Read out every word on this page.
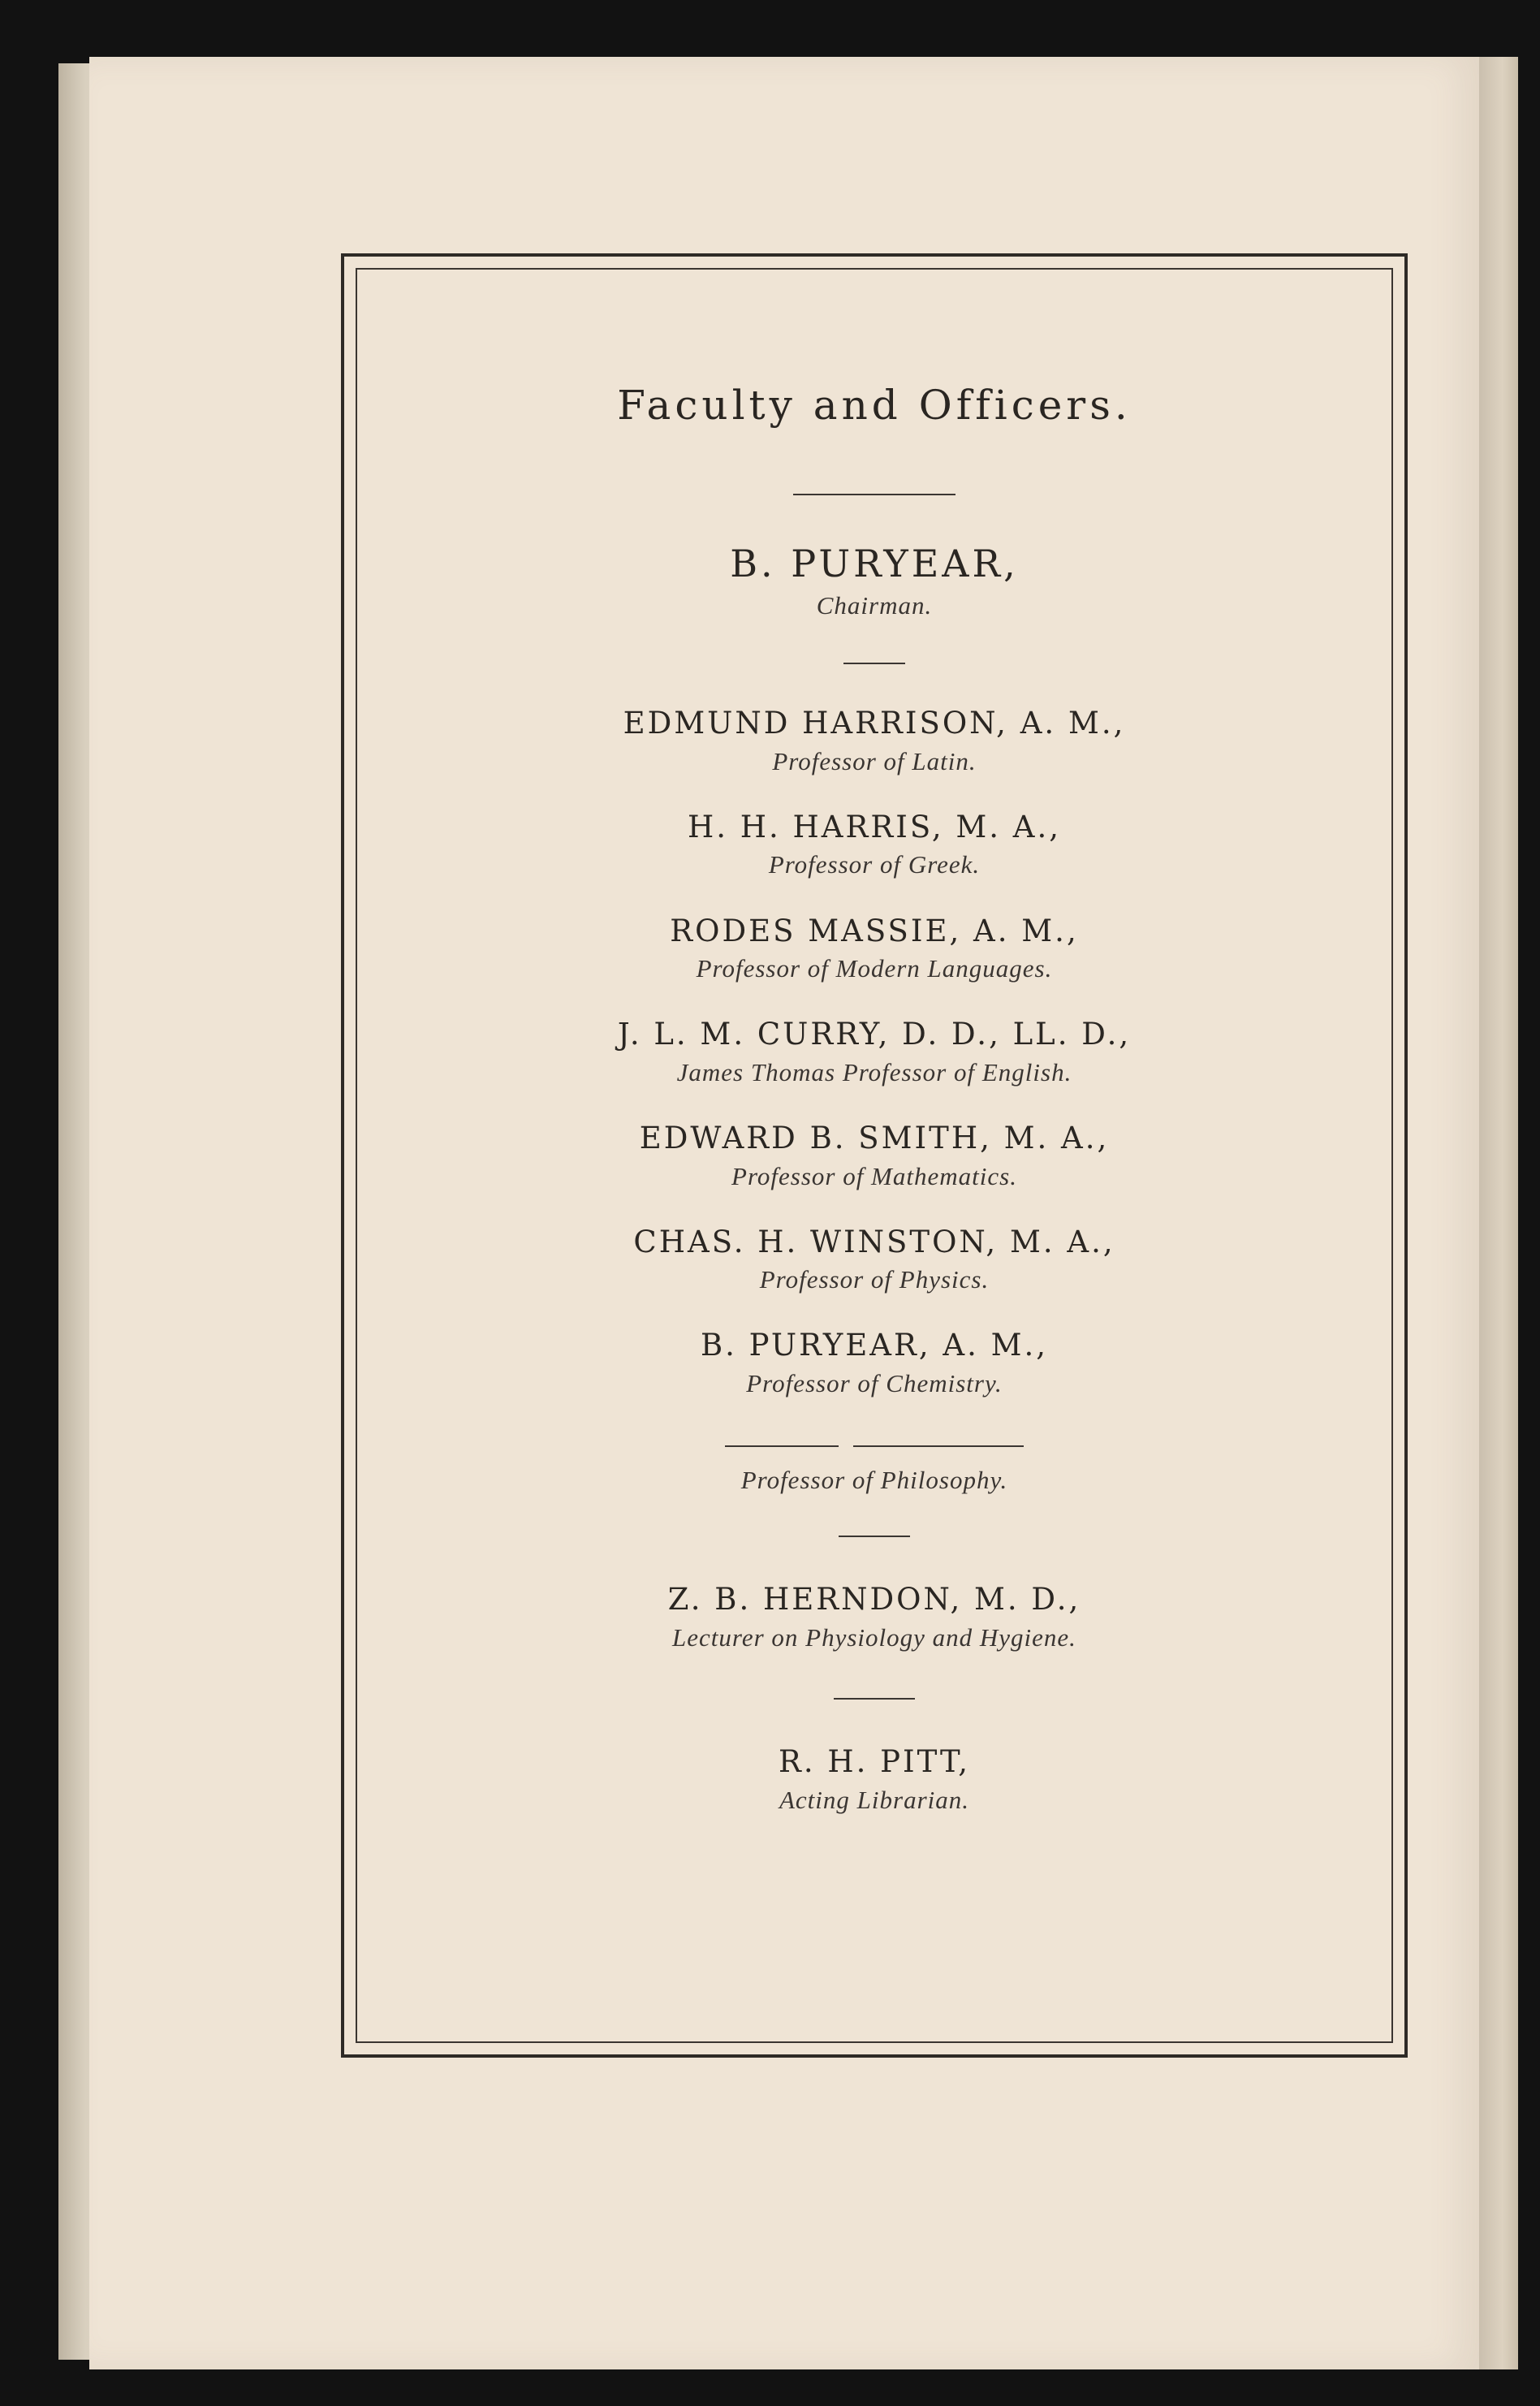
Faculty and Officers.
B. PURYEAR,
Chairman.
EDMUND HARRISON, A. M.,
Professor of Latin.
H. H. HARRIS, M. A.,
Professor of Greek.
RODES MASSIE, A. M.,
Professor of Modern Languages.
J. L. M. CURRY, D. D., LL. D.,
James Thomas Professor of English.
EDWARD B. SMITH, M. A.,
Professor of Mathematics.
CHAS. H. WINSTON, M. A.,
Professor of Physics.
B. PURYEAR, A. M.,
Professor of Chemistry.
Professor of Philosophy.
Z. B. HERNDON, M. D.,
Lecturer on Physiology and Hygiene.
R. H. PITT,
Acting Librarian.
